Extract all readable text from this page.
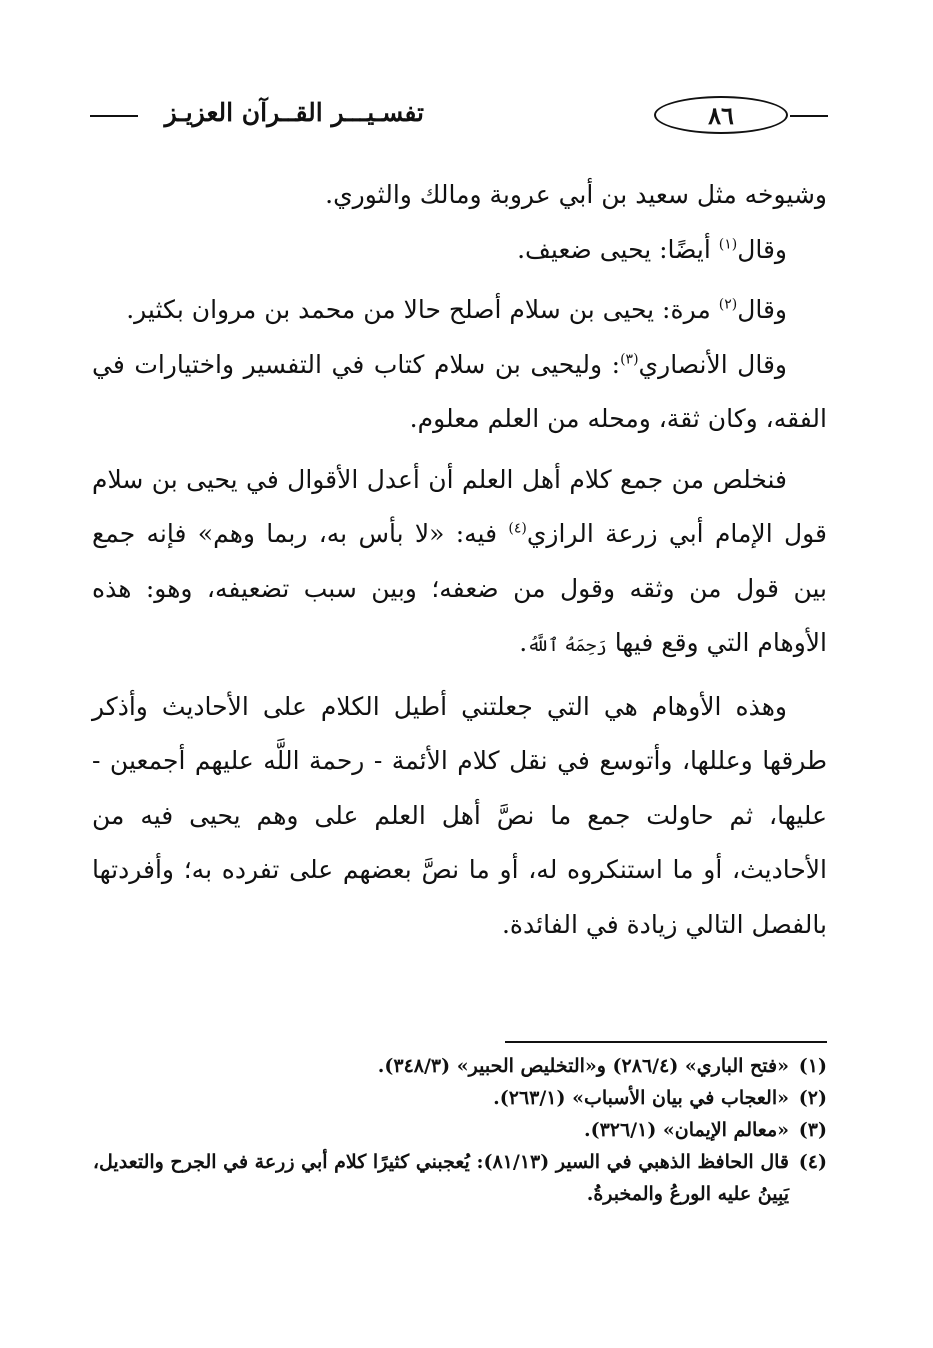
٨٦
تفسـيـــر القــرآن العزيـز

وشيوخه مثل سعيد بن أبي عروبة ومالك والثوري.

وقال$^{(١)}$ أيضًا: يحيى ضعيف.

وقال$^{(٢)}$ مرة: يحيى بن سلام أصلح حالا من محمد بن مروان بكثير.

وقال الأنصاري$^{(٣)}$: وليحيى بن سلام كتاب في التفسير واختيارات في الفقه، وكان ثقة، ومحله من العلم معلوم.

فنخلص من جمع كلام أهل العلم أن أعدل الأقوال في يحيى بن سلام قول الإمام أبي زرعة الرازي$^{(٤)}$ فيه: «لا بأس به، ربما وهم» فإنه جمع بين قول من وثقه وقول من ضعفه؛ وبين سبب تضعيفه، وهو: هذه الأوهام التي وقع فيها رَحِمَهُ ٱللَّهُ.

وهذه الأوهام هي التي جعلتني أطيل الكلام على الأحاديث وأذكر طرقها وعللها، وأتوسع في نقل كلام الأئمة - رحمة اللَّه عليهم أجمعين - عليها، ثم حاولت جمع ما نصَّ أهل العلم على وهم يحيى فيه من الأحاديث، أو ما استنكروه له، أو ما نصَّ بعضهم على تفرده به؛ وأفردتها بالفصل التالي زيادة في الفائدة.

(١)
«فتح الباري» (٢٨٦/٤) و«التخليص الحبير» (٣٤٨/٣).
(٢)
«العجاب في بيان الأسباب» (٢٦٣/١).
(٣)
«معالم الإيمان» (٣٢٦/١).
(٤)
قال الحافظ الذهبي في السير (٨١/١٣): يُعجبني كثيرًا كلام أبي زرعة في الجرح والتعديل، يَبِينُ عليه الورعُ والمخبرةُ.
